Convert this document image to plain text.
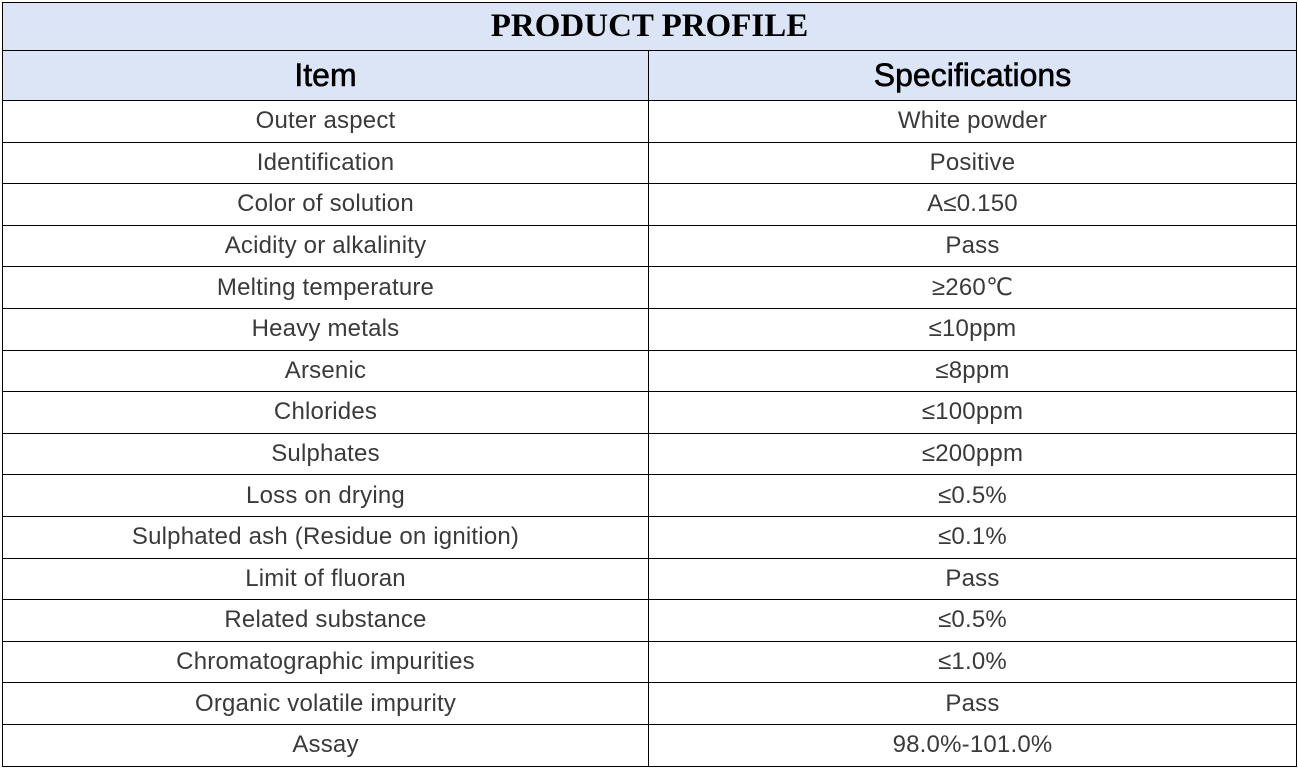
PRODUCT PROFILE	
Item	Specifications
Outer aspect	White powder
Identification	Positive
Color of solution	A≤0.150
Acidity or alkalinity	Pass
Melting temperature	≥260℃
Heavy metals	≤10ppm
Arsenic	≤8ppm
Chlorides	≤100ppm
Sulphates	≤200ppm
Loss on drying	≤0.5%
Sulphated ash (Residue on ignition)	≤0.1%
Limit of fluoran	Pass
Related substance	≤0.5%
Chromatographic impurities	≤1.0%
Organic volatile impurity	Pass
Assay	98.0%-101.0%
